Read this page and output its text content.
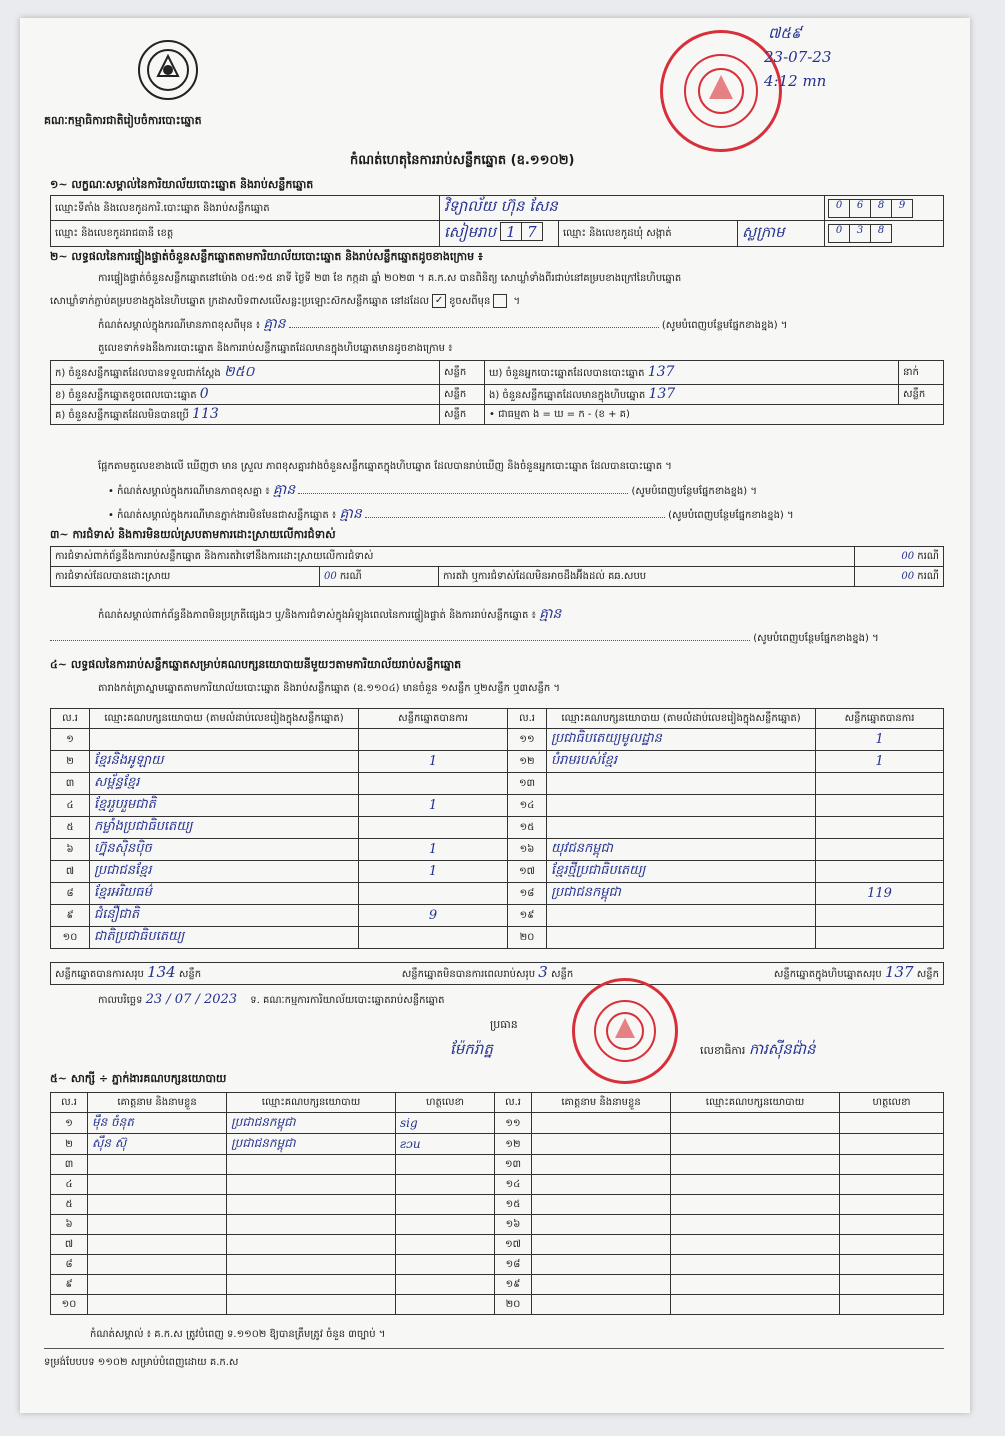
គណៈកម្មាធិការជាតិរៀបចំការបោះឆ្នោត
៧៥៩
23-07-23
4:12 mn
កំណត់ហេតុនៃការរាប់សន្លឹកឆ្នោត (ឧ.១១០២)
១~ លក្ខណៈសម្គាល់នៃការិយាល័យបោះឆ្នោត និងរាប់សន្លឹកឆ្នោត
ឈ្មោះទីតាំង និងលេខកូដការិ.បោះឆ្នោត និងរាប់សន្លឹកឆ្នោត	វិទ្យាល័យ ហ៊ុន សែន			0 6 8 9
ឈ្មោះ និងលេខកូដរាជធានី ខេត្ត	សៀមរាប 1 7	ឈ្មោះ និងលេខកូដឃុំ សង្កាត់	ស្លក្រាម	0 3 8
២~ លទ្ធផលនៃការផ្ទៀងផ្ទាត់ចំនួនសន្លឹកឆ្នោតតាមការិយាល័យបោះឆ្នោត និងរាប់សន្លឹកឆ្នោតដូចខាងក្រោម ៖
ការផ្ទៀងផ្ទាត់ចំនួនសន្លឹកឆ្នោតនៅម៉ោង ០៥:១៥ នាទី ថ្ងៃទី ២៣ ខែ កក្កដា ឆ្នាំ ២០២៣ ។ គ.ក.ស បានពិនិត្យ សោឃ្លាំទាំងពីរជាប់នៅគម្របខាងក្រៅនៃហិបឆ្នោត
សោឃ្លាំទាក់ភ្ជាប់គម្របខាងក្នុងនៃហិបឆ្នោត ក្រដាសបិទពាសលើសន្លះប្រឡោះស៊កសន្លឹកឆ្នោត នៅដដែល ✓ ខូចសពីមុន ។
កំណត់សម្គាល់ក្នុងករណីមានភាពខុសពីមុន ៖ គ្មាន	(សូមបំពេញបន្ថែមផ្នែកខាងខ្នង) ។
តួលេខទាក់ទងនឹងការបោះឆ្នោត និងការរាប់សន្លឹកឆ្នោតដែលមានក្នុងហិបឆ្នោតមានដូចខាងក្រោម ៖
ក) ចំនួនសន្លឹកឆ្នោតដែលបានទទួលជាក់ស្តែង ២៥០	សន្លឹក	ឃ) ចំនួនអ្នកបោះឆ្នោតដែលបានបោះឆ្នោត 137	នាក់
ខ) ចំនួនសន្លឹកឆ្នោតខូចពេលបោះឆ្នោត 0	សន្លឹក	ង) ចំនួនសន្លឹកឆ្នោតដែលមានក្នុងហិបឆ្នោត 137	សន្លឹក
គ) ចំនួនសន្លឹកឆ្នោតដែលមិនបានប្រើ 113	សន្លឹក	• ជាធម្មតា ង = ឃ = ក - (ខ + គ)	
ផ្អែកតាមតួលេខខាងលើ ឃើញថា មាន ស្រួល ភាពខុសគ្នារវាងចំនួនសន្លឹកឆ្នោតក្នុងហិបឆ្នោត ដែលបានរាប់ឃើញ និងចំនួនអ្នកបោះឆ្នោត ដែលបានបោះឆ្នោត ។
• កំណត់សម្គាល់ក្នុងករណីមានភាពខុសគ្នា ៖ គ្មាន	(សូមបំពេញបន្ថែមផ្នែកខាងខ្នង) ។
• កំណត់សម្គាល់ក្នុងករណីមានភ្នាក់ងារមិនមែនជាសន្លឹកឆ្នោត ៖ គ្មាន	(សូមបំពេញបន្ថែមផ្នែកខាងខ្នង) ។
៣~ ការជំទាស់ និងការមិនយល់ស្របតាមការដោះស្រាយលើការជំទាស់
ការជំទាស់ពាក់ព័ន្ធនឹងការរាប់សន្លឹកឆ្នោត និងការតវ៉ាទៅនឹងការដោះស្រាយលើការជំទាស់			00 ករណី
ការជំទាស់ដែលបានដោះស្រាយ	00 ករណី	ការតវ៉ា ឬការជំទាស់ដែលមិនអាចដឹងអ៊ីងដល់ គឆ.សបប	00 ករណី
កំណត់សម្គាល់ពាក់ព័ន្ធនឹងភាពមិនប្រក្រតីផ្សេងៗ ឬ/និងការជំទាស់ក្នុងអំឡុងពេលនៃការផ្ទៀងផ្ទាត់ និងការរាប់សន្លឹកឆ្នោត ៖ គ្មាន
(សូមបំពេញបន្ថែមផ្នែកខាងខ្នង) ។
៤~ លទ្ធផលនៃការរាប់សន្លឹកឆ្នោតសម្រាប់គណបក្សនយោបាយនីមួយៗតាមការិយាល័យរាប់សន្លឹកឆ្នោត
តារាងកត់ត្រាស្នាមឆ្នោតតាមការិយាល័យបោះឆ្នោត និងរាប់សន្លឹកឆ្នោត (ឧ.១១០៤) មានចំនួន ១សន្លឹក ឬ២សន្លឹក ឬ៣សន្លឹក ។
ល.រ	ឈ្មោះគណបក្សនយោបាយ (តាមលំដាប់លេខរៀងក្នុងសន្លឹកឆ្នោត)	សន្លឹកឆ្នោតបានការ	ល.រ	ឈ្មោះគណបក្សនយោបាយ (តាមលំដាប់លេខរៀងក្នុងសន្លឹកឆ្នោត)	សន្លឹកឆ្នោតបានការ
១			១១	ប្រជាធិបតេយ្យមូលដ្ឋាន	1
២	ខ្មែរនិងអូឡាយ	1	១២	បំរាមរបស់ខ្មែរ	1
៣	សម្ព័ន្ធខ្មែរ		១៣		
៤	ខ្មែររួបរួមជាតិ	1	១៤		
៥	កម្លាំងប្រជាធិបតេយ្យ		១៥		
៦	ហ្វ៊ុនស៊ិនប៉ិច	1	១៦	យុវជនកម្ពុជា	
៧	ប្រជាជនខ្មែរ	1	១៧	ខ្មែរថ្មីប្រជាធិបតេយ្យ	
៨	ខ្មែរអរិយធម៌		១៨	ប្រជាជនកម្ពុជា	119
៩	ជំនឿជាតិ	9	១៩		
១០	ជាតិប្រជាធិបតេយ្យ		២០		
សន្លឹកឆ្នោតបានការសរុប 134 សន្លឹក	សន្លឹកឆ្នោតមិនបានការពេលរាប់សរុប 3 សន្លឹក	សន្លឹកឆ្នោតក្នុងហិបឆ្នោតសរុប 137 សន្លឹក
កាលបរិច្ឆេទ 23 / 07 / 2023 ទ. គណៈកម្មការការិយាល័យបោះឆ្នោតរាប់សន្លឹកឆ្នោត
ប្រធាន
ម៉ែករ៉ាត្ន	លេខាធិការ ការស៊ីនជ៉ាន់
៥~ សាក្សី ÷ ភ្នាក់ងារគណបក្សនយោបាយ
ល.រ	គោត្តនាម និងនាមខ្លួន	ឈ្មោះគណបក្សនយោបាយ	ហត្ថលេខា	ល.រ	គោត្តនាម និងនាមខ្លួន	ឈ្មោះគណបក្សនយោបាយ	ហត្ថលេខា
១	ម៉ឹន ចំនុត	ប្រជាជនកម្ពុជា	sig	១១			
២	ស៊ឹន ស៊ុ	ប្រជាជនកម្ពុជា	ƨɔu	១២			
៣				១៣			
៤				១៤			
៥				១៥			
៦				១៦			
៧				១៧			
៨				១៨			
៩				១៩			
១០				២០			
កំណត់សម្គាល់ ៖ គ.ក.ស ត្រូវបំពេញ ទ.១១០២ ឱ្យបានត្រឹមត្រូវ ចំនួន ៣ច្បាប់ ។
ទម្រង់បែបបទ ១១០២ សម្រាប់បំពេញដោយ គ.ក.ស
